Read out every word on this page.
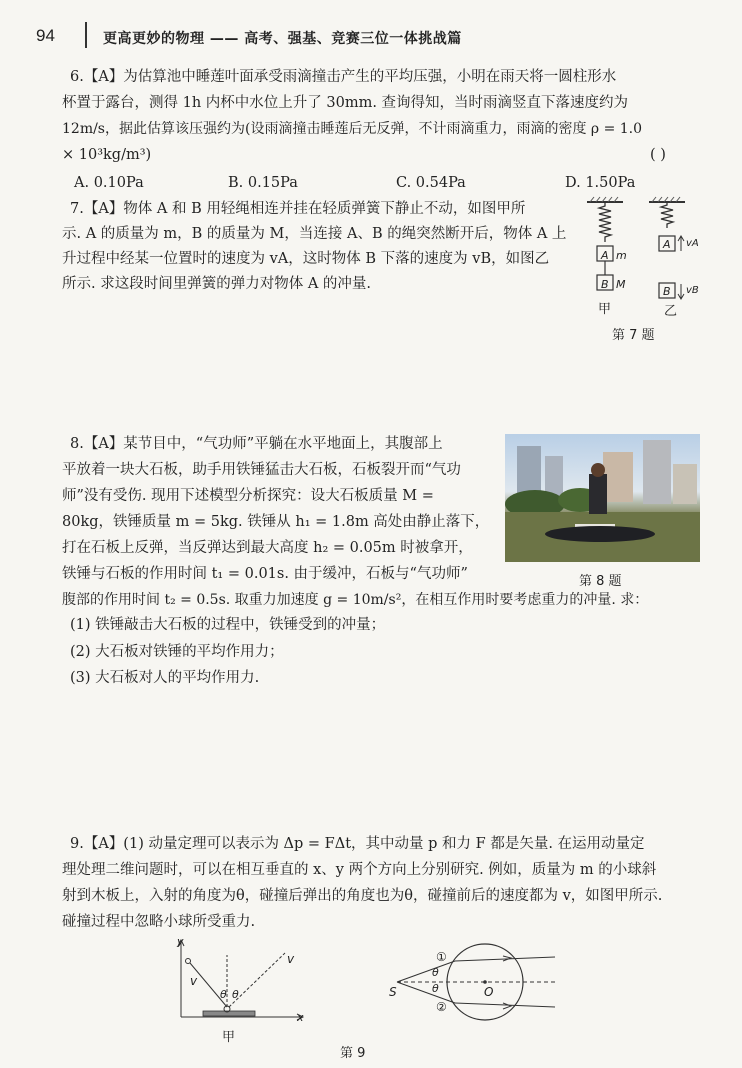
94	更高更妙的物理 —— 高考、强基、竞赛三位一体挑战篇
6.【A】为估算池中睡莲叶面承受雨滴撞击产生的平均压强，小明在雨天将一圆柱形水
杯置于露台，测得 1h 内杯中水位上升了 30mm. 查询得知，当时雨滴竖直下落速度约为
12m/s，据此估算该压强约为(设雨滴撞击睡莲后无反弹，不计雨滴重力，雨滴的密度 ρ = 1.0
× 10³kg/m³)	( )
A. 0.10Pa	B. 0.15Pa	C. 0.54Pa	D. 1.50Pa
7.【A】物体 A 和 B 用轻绳相连并挂在轻质弹簧下静止不动，如图甲所
示. A 的质量为 m，B 的质量为 M，当连接 A、B 的绳突然断开后，物体 A 上
升过程中经某一位置时的速度为 vA，这时物体 B 下落的速度为 vB，如图乙
所示. 求这段时间里弹簧的弹力对物体 A 的冲量.
A m
B M
A vA
B vB
甲	乙
第 7 题
8.【A】某节目中，“气功师”平躺在水平地面上，其腹部上
平放着一块大石板，助手用铁锤猛击大石板，石板裂开而“气功
师”没有受伤. 现用下述模型分析探究：设大石板质量 M =
80kg，铁锤质量 m = 5kg. 铁锤从 h₁ = 1.8m 高处由静止落下，
打在石板上反弹，当反弹达到最大高度 h₂ = 0.05m 时被拿开，
铁锤与石板的作用时间 t₁ = 0.01s. 由于缓冲，石板与“气功师”
腹部的作用时间 t₂ = 0.5s. 取重力加速度 g = 10m/s²，在相互作用时要考虑重力的冲量. 求：
(1) 铁锤敲击大石板的过程中，铁锤受到的冲量；
(2) 大石板对铁锤的平均作用力；
(3) 大石板对人的平均作用力.
第 8 题
9.【A】(1) 动量定理可以表示为 Δp = FΔt，其中动量 p 和力 F 都是矢量. 在运用动量定
理处理二维问题时，可以在相互垂直的 x、y 两个方向上分别研究. 例如，质量为 m 的小球斜
射到木板上，入射的角度为θ，碰撞后弹出的角度也为θ，碰撞前后的速度都为 v，如图甲所示.
碰撞过程中忽略小球所受重力.
y
x
v
v
θ θ
甲
S	O
①
②
θ
θ
第 9
